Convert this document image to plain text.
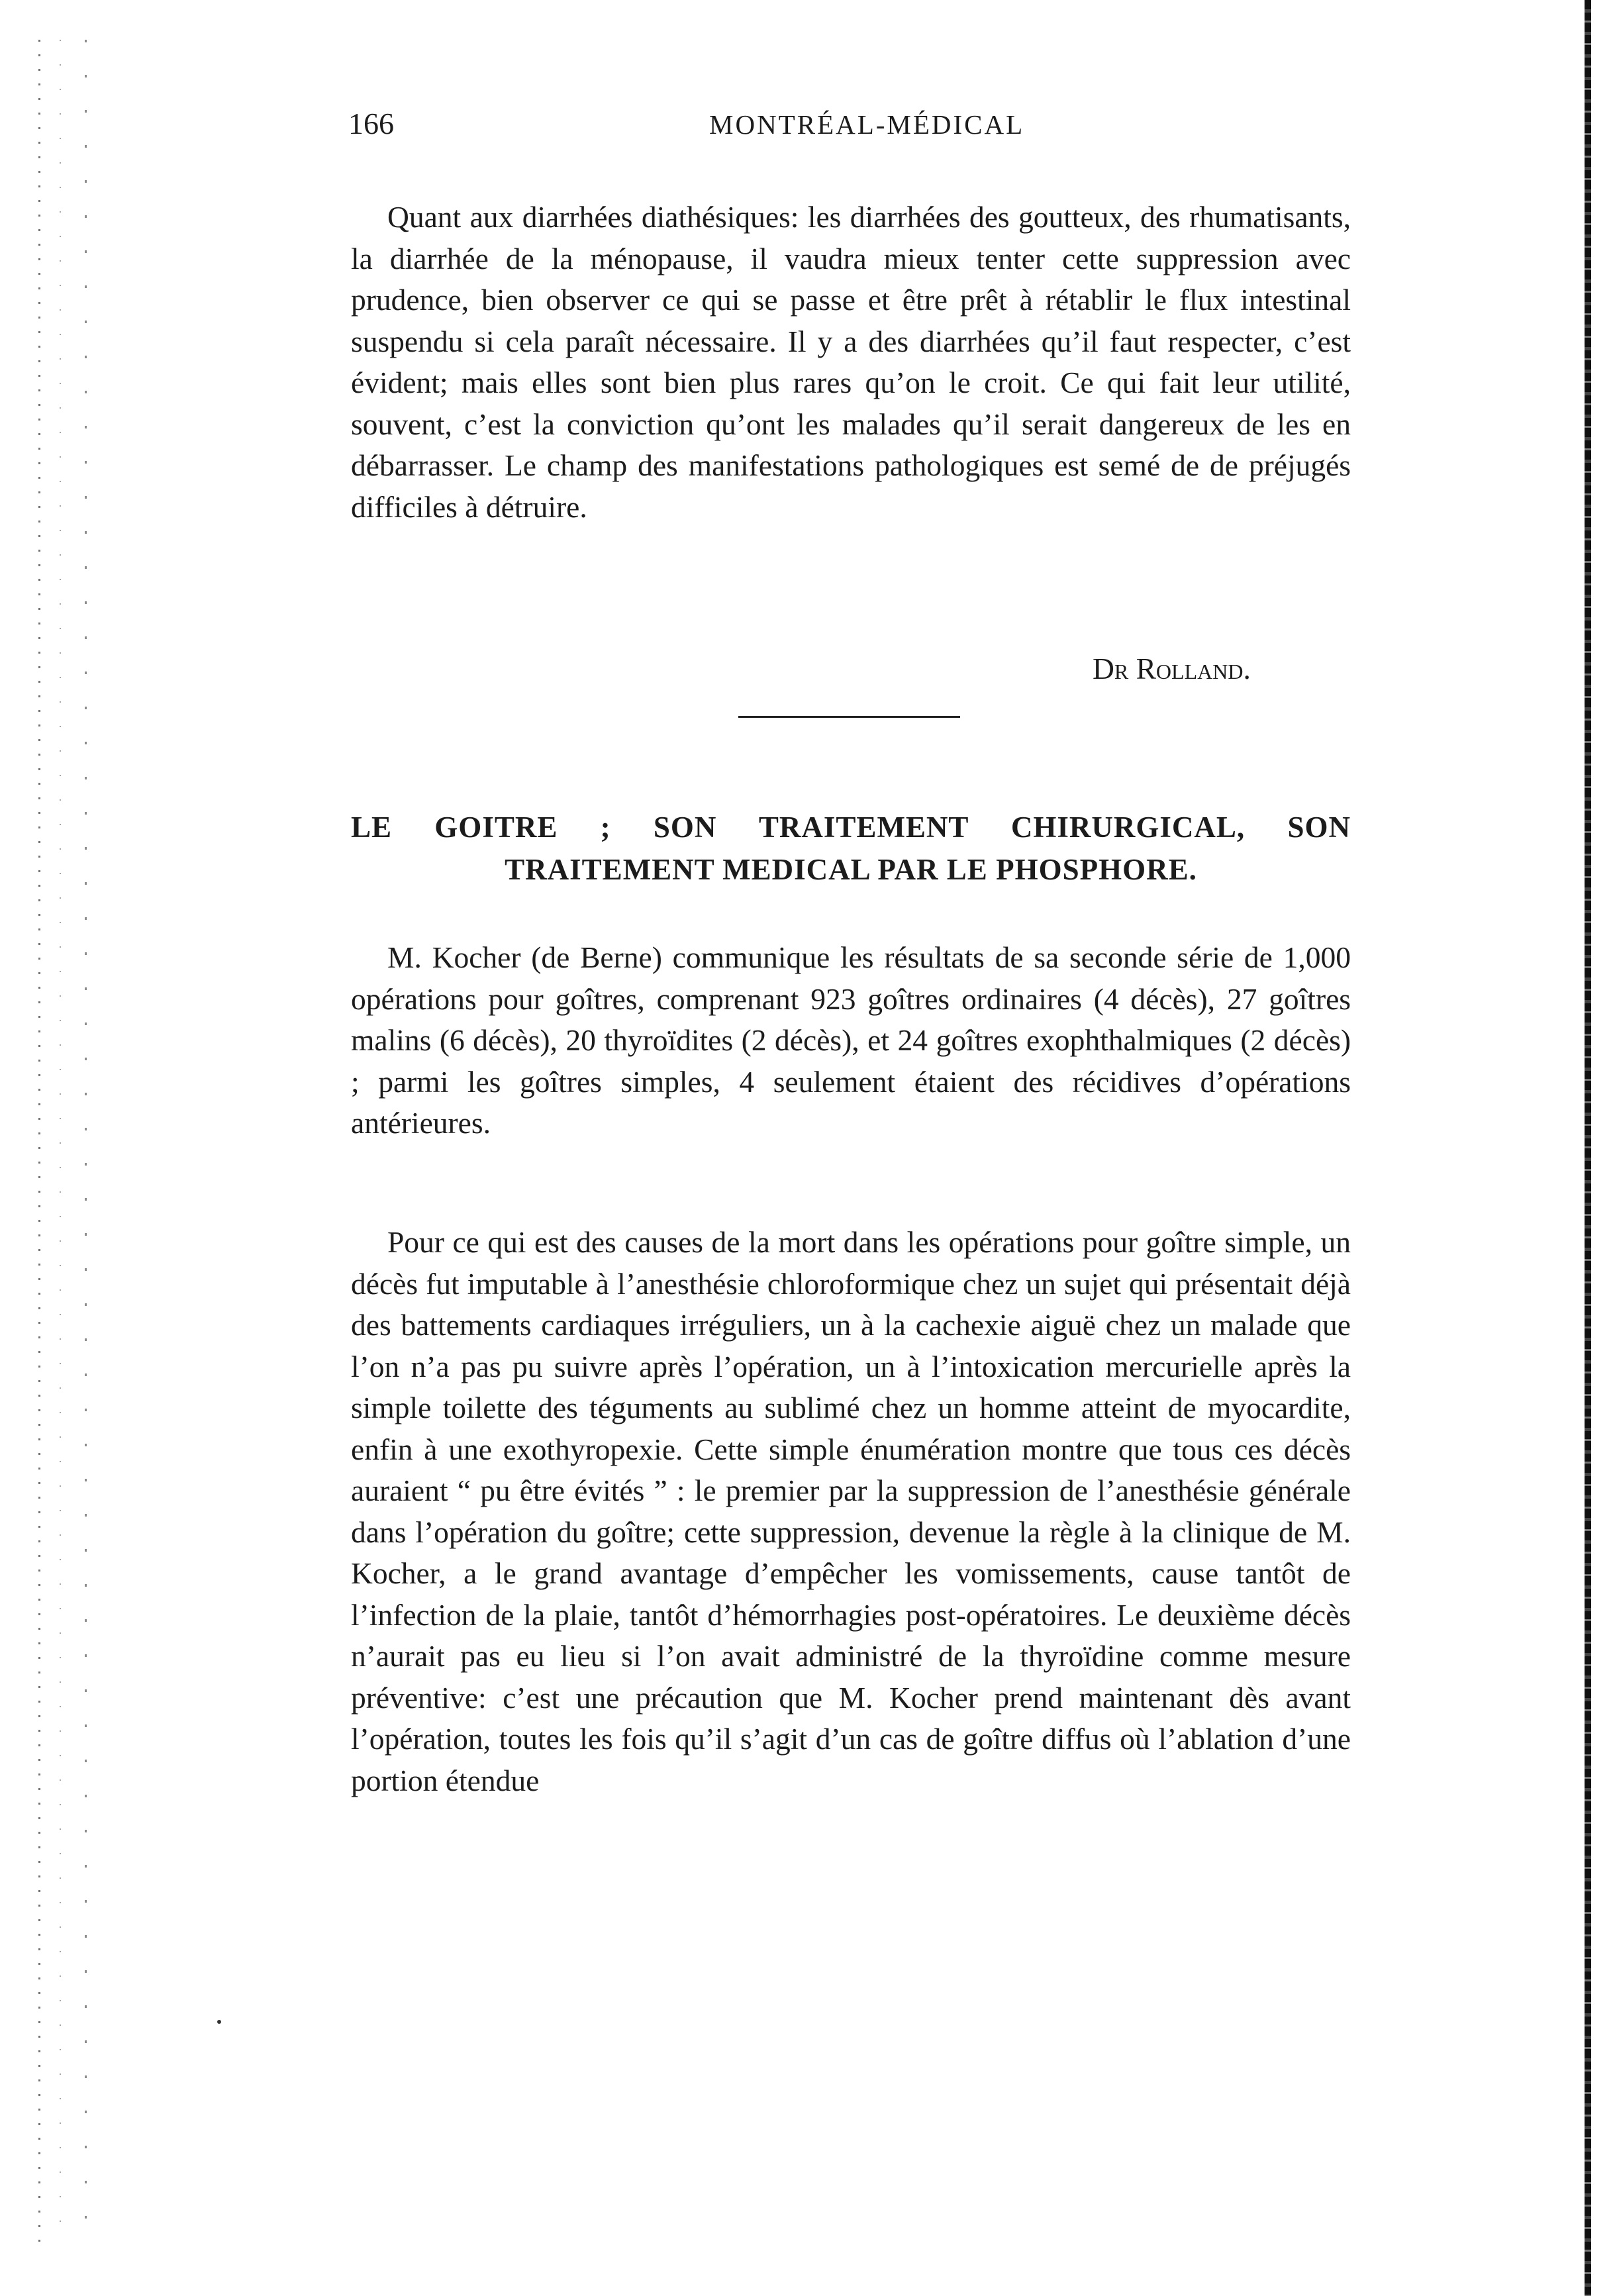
166	MONTRÉAL-MÉDICAL

Quant aux diarrhées diathésiques: les diarrhées des goutteux, des rhumatisants, la diarrhée de la ménopause, il vaudra mieux tenter cette suppression avec prudence, bien observer ce qui se passe et être prêt à rétablir le flux intestinal suspendu si cela paraît nécessaire. Il y a des diarrhées qu’il faut respecter, c’est évident; mais elles sont bien plus rares qu’on le croit. Ce qui fait leur utilité, souvent, c’est la conviction qu’ont les malades qu’il serait dangereux de les en débarrasser. Le champ des manifestations pathologiques est semé de de préjugés difficiles à détruire.

Dr Rolland.
LE GOITRE ; SON TRAITEMENT CHIRURGICAL, SON
TRAITEMENT MEDICAL PAR LE PHOSPHORE.

M. Kocher (de Berne) communique les résultats de sa seconde série de 1,000 opérations pour goîtres, comprenant 923 goîtres ordinaires (4 décès), 27 goîtres malins (6 décès), 20 thyroïdites (2 décès), et 24 goîtres exophthalmiques (2 décès) ; parmi les goîtres simples, 4 seulement étaient des récidives d’opérations antérieures.

Pour ce qui est des causes de la mort dans les opérations pour goître simple, un décès fut imputable à l’anesthésie chloroformique chez un sujet qui présentait déjà des battements cardiaques irréguliers, un à la cachexie aiguë chez un malade que l’on n’a pas pu suivre après l’opération, un à l’intoxication mercurielle après la simple toilette des téguments au sublimé chez un homme atteint de myocardite, enfin à une exothyropexie. Cette simple énumération montre que tous ces décès auraient “ pu être évités ” : le premier par la suppression de l’anesthésie générale dans l’opération du goître; cette suppression, devenue la règle à la clinique de M. Kocher, a le grand avantage d’empêcher les vomissements, cause tantôt de l’infection de la plaie, tantôt d’hémorrhagies post-opératoires. Le deuxième décès n’aurait pas eu lieu si l’on avait administré de la thyroïdine comme mesure préventive: c’est une précaution que M. Kocher prend maintenant dès avant l’opération, toutes les fois qu’il s’agit d’un cas de goître diffus où l’ablation d’une portion étendue
